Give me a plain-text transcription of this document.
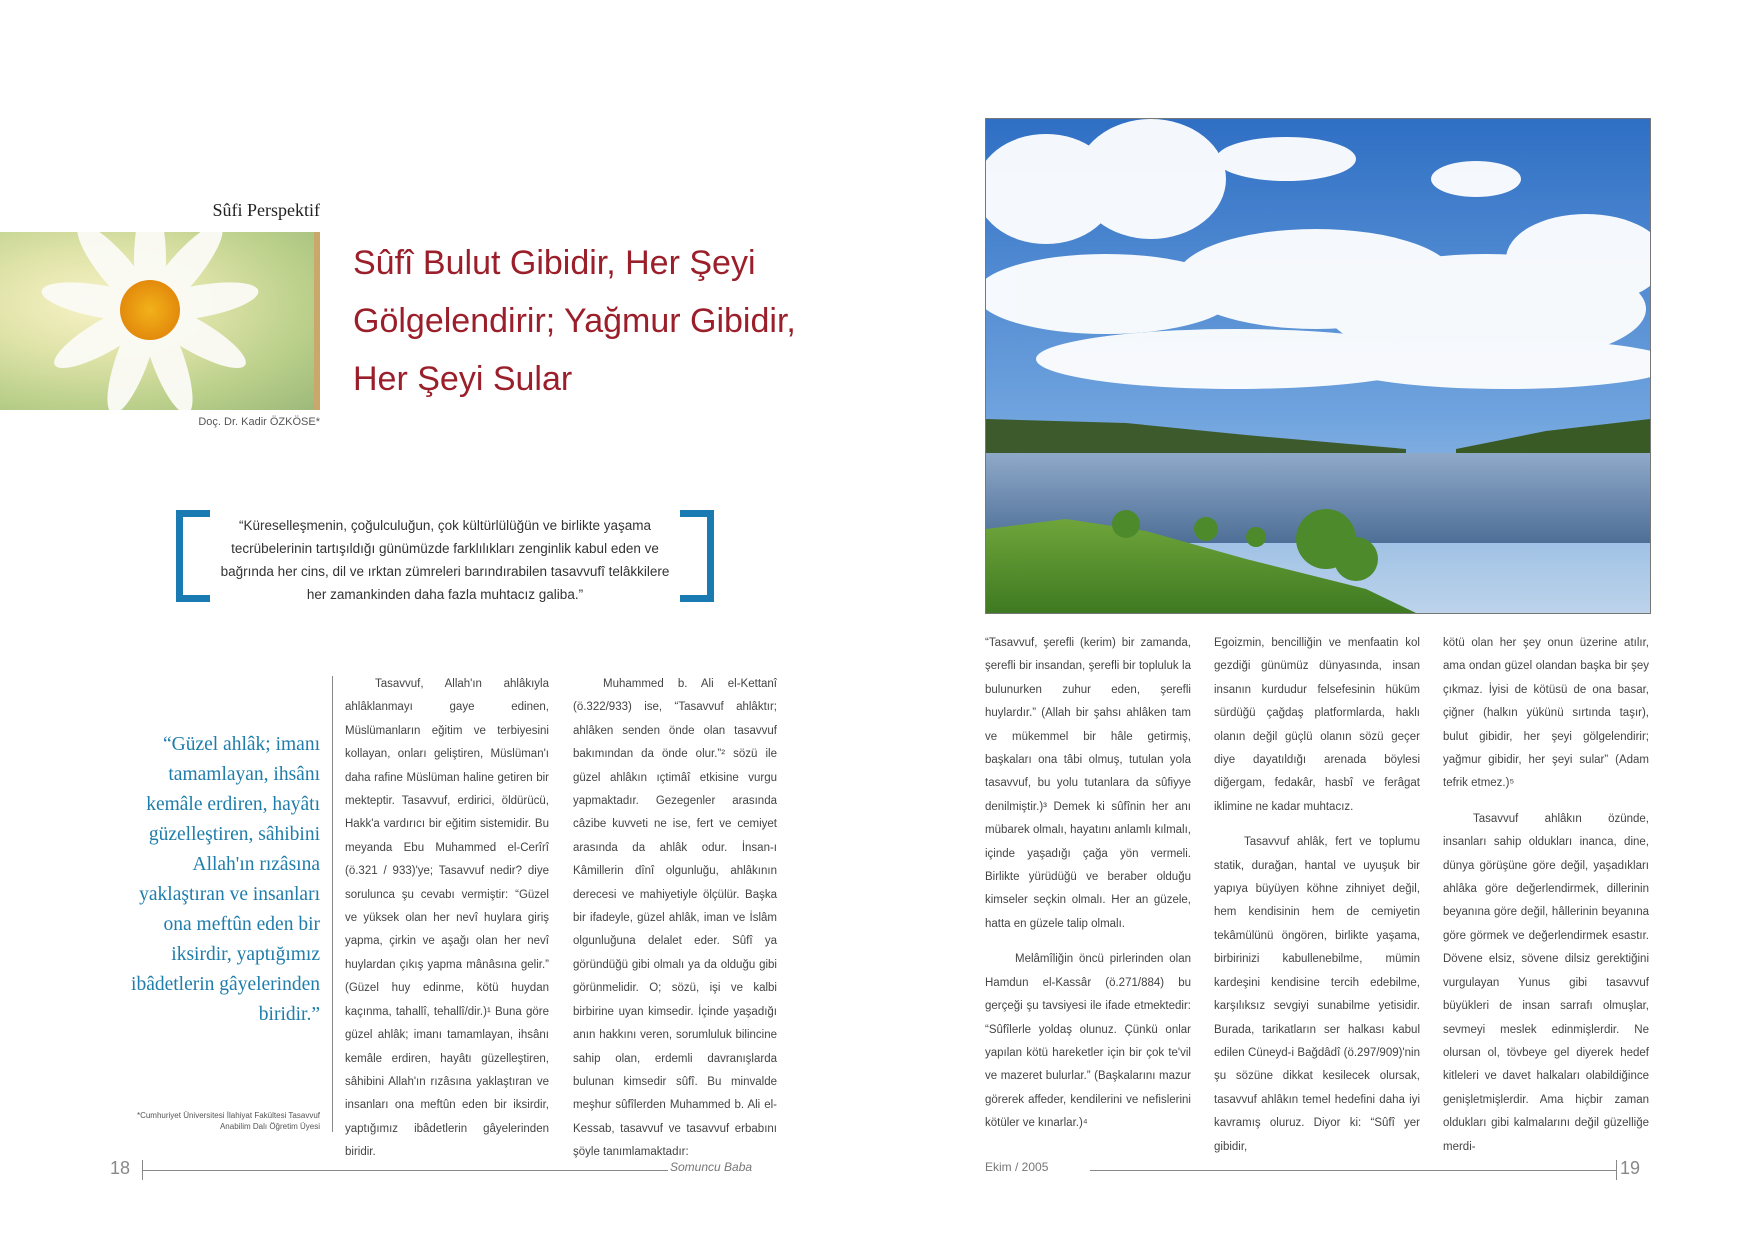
Sûfi Perspektif
Doç. Dr. Kadir ÖZKÖSE*
Sûfî Bulut Gibidir, Her Şeyi
Gölgelendirir; Yağmur Gibidir,
Her Şeyi Sular
“Küreselleşmenin, çoğulculuğun, çok kültürlülüğün ve birlikte yaşama tecrübelerinin tartışıldığı günümüzde farklılıkları zenginlik kabul eden ve bağrında her cins, dil ve ırktan zümreleri barındırabilen tasavvufî telâkkilere her zamankinden daha fazla muhtacız galiba.”
“Güzel ahlâk; imanı tamamlayan, ihsânı kemâle erdiren, hayâtı güzelleştiren, sâhibini Allah'ın rızâsına yaklaştıran ve insanları ona meftûn eden bir iksirdir, yaptığımız ibâdetlerin gâyelerinden biridir.”
*Cumhuriyet Üniversitesi İlahiyat Fakültesi Tasavvuf Anabilim Dalı Öğretim Üyesi

Tasavvuf, Allah'ın ahlâkıyla ahlâklanmayı gaye edinen, Müslümanların eğitim ve terbiyesini kollayan, onları geliştiren, Müslüman'ı daha rafine Müslüman haline getiren bir mekteptir. Tasavvuf, erdirici, öldürücü, Hakk'a vardırıcı bir eğitim sistemidir. Bu meyanda Ebu Muhammed el-Cerîrî (ö.321 / 933)'ye; Tasavvuf nedir? diye sorulunca şu cevabı vermiştir: “Güzel ve yüksek olan her nevî huylara giriş yapma, çirkin ve aşağı olan her nevî huylardan çıkış yapma mânâsına gelir.” (Güzel huy edinme, kötü huydan kaçınma, tahallî, tehallî/dir.)¹ Buna göre güzel ahlâk; imanı tamamlayan, ihsânı kemâle erdiren, hayâtı güzelleştiren, sâhibini Allah'ın rızâsına yaklaştıran ve insanları ona meftûn eden bir iksirdir, yaptığımız ibâdetlerin gâyelerinden biridir.

Muhammed b. Ali el-Kettanî (ö.322/933) ise, “Tasavvuf ahlâktır; ahlâken senden önde olan tasavvuf bakımından da önde olur.”² sözü ile güzel ahlâkın ıçtimâî etkisine vurgu yapmaktadır. Gezegenler arasında câzibe kuvveti ne ise, fert ve cemiyet arasında da ahlâk odur. İnsan-ı Kâmillerin dînî olgunluğu, ahlâkının derecesi ve mahiyetiyle ölçülür. Başka bir ifadeyle, güzel ahlâk, iman ve İslâm olgunluğuna delalet eder. Sûfî ya göründüğü gibi olmalı ya da olduğu gibi görünmelidir. O; sözü, işi ve kalbi birbirine uyan kimsedir. İçinde yaşadığı anın hakkını veren, sorumluluk bilincine sahip olan, erdemli davranışlarda bulunan kimsedir sûfî. Bu minvalde meşhur sûfîlerden Muhammed b. Ali el-Kessab, tasavvuf ve tasavvuf erbabını şöyle tanımlamaktadır:

18	Somuncu Baba

“Tasavvuf, şerefli (kerim) bir zamanda, şerefli bir insandan, şerefli bir topluluk la bulunurken zuhur eden, şerefli huylardır.” (Allah bir şahsı ahlâken tam ve mükemmel bir hâle getirmiş, başkaları ona tâbi olmuş, tutulan yola tasavvuf, bu yolu tutanlara da sûfiyye denilmiştir.)³ Demek ki sûfînin her anı mübarek olmalı, hayatını anlamlı kılmalı, içinde yaşadığı çağa yön vermeli. Birlikte yürüdüğü ve beraber olduğu kimseler seçkin olmalı. Her an güzele, hatta en güzele talip olmalı.

Melâmîliğin öncü pirlerinden olan Hamdun el-Kassâr (ö.271/884) bu gerçeği şu tavsiyesi ile ifade etmektedir: “Sûfîlerle yoldaş olunuz. Çünkü onlar yapılan kötü hareketler için bir çok te'vil ve mazeret bulurlar.” (Başkalarını mazur görerek affeder, kendilerini ve nefislerini kötüler ve kınarlar.)⁴

Egoizmin, bencilliğin ve menfaatin kol gezdiği günümüz dünyasında, insan insanın kurdudur felsefesinin hüküm sürdüğü çağdaş platformlarda, haklı olanın değil güçlü olanın sözü geçer diye dayatıldığı arenada böylesi diğergam, fedakâr, hasbî ve ferâgat iklimine ne kadar muhtacız.

Tasavvuf ahlâk, fert ve toplumu statik, durağan, hantal ve uyuşuk bir yapıya büyüyen köhne zihniyet değil, hem kendisinin hem de cemiyetin tekâmülünü öngören, birlikte yaşama, birbirinizi kabullenebilme, mümin kardeşini kendisine tercih edebilme, karşılıksız sevgiyi sunabilme yetisidir. Burada, tarikatların ser halkası kabul edilen Cüneyd-i Bağdâdî (ö.297/909)'nin şu sözüne dikkat kesilecek olursak, tasavvuf ahlâkın temel hedefini daha iyi kavramış oluruz. Diyor ki: “Sûfî yer gibidir,

kötü olan her şey onun üzerine atılır, ama ondan güzel olandan başka bir şey çıkmaz. İyisi de kötüsü de ona basar, çiğner (halkın yükünü sırtında taşır), bulut gibidir, her şeyi gölgelendirir; yağmur gibidir, her şeyi sular” (Adam tefrik etmez.)⁵

Tasavvuf ahlâkın özünde, insanları sahip oldukları inanca, dine, dünya görüşüne göre değil, yaşadıkları ahlâka göre değerlendirmek, dillerinin beyanına göre değil, hâllerinin beyanına göre görmek ve değerlendirmek esastır. Dövene elsiz, sövene dilsiz gerektiğini vurgulayan Yunus gibi tasavvuf büyükleri de insan sarrafı olmuşlar, sevmeyi meslek edinmişlerdir. Ne olursan ol, tövbeye gel diyerek hedef kitleleri ve davet halkaları olabildiğince genişletmişlerdir. Ama hiçbir zaman oldukları gibi kalmalarını değil güzelliğe merdi-

Ekim / 2005	19
